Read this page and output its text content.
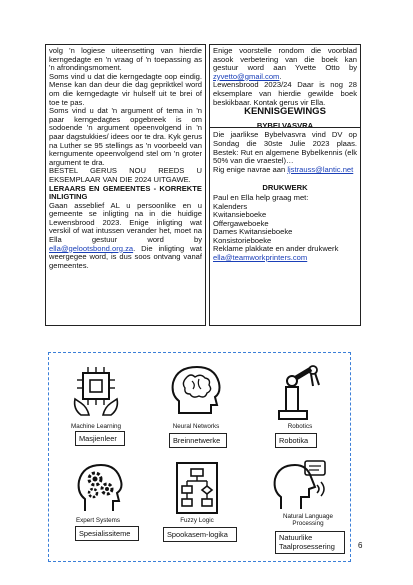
volg 'n logiese uiteensetting van hierdie kerngedagte en 'n vraag of 'n toepassing as 'n afrondingsmoment.

Soms vind u dat die kerngedagte oop eindig. Mense kan dan deur die dag gepriktkel word om die kerngedagte vir hulself uit te brei of toe te pas.

Soms vind u dat 'n argument of tema in 'n paar kerngedagtes opgebreek is om sodoende 'n argument opeenvolgend in 'n paar dagstukkies/ idees oor te dra. Kyk gerus na Luther se 95 stellings as 'n voorbeeld van kerngumente opeenvolgend stel om 'n groter argument te dra.

BESTEL GERUS NOU REEDS U EKSEMPLAAR VAN DIE 2024 UITGAWE.

LERAARS EN GEMEENTES - KORREKTE INLIGTING

Gaan asseblief AL u persoonlike en u gemeente se inligting na in die huidige Lewensbrood 2023. Enige inligting wat verskil of wat intussen verander het, moet na Ella gestuur word by ella@gelootsbond.org.za. Die inligting wat weergegee word, is dus soos ontvang vanaf gemeentes.

Enige voorstelle rondom die voorblad asook verbetering van die boek kan gestuur word aan Yvette Otto by zyvetto@gmail.com.

Lewensbrood 2023/24 Daar is nog 28 eksemplare van hierdie gewilde boek beskikbaar. Kontak gerus vir Ella.

KENNISGEWINGS
BYBELVASVRA

Die jaarlikse Bybelvasvra vind DV op Sondag die 30ste Julie 2023 plaas. Bestek: Rut en algemene Bybelkennis (elk 50% van die vraestel)…

Rig enige navrae aan ljstrauss@lantic.net

DRUKWERK

Paul en Ella help graag met:

Kalenders

Kwitansieboeke

Offergaweboeke

Dames Kwitansieboeke

Konsistorieboeke

Reklame plakkate en ander drukwerk

ella@teamworkprinters.com
Machine Learning
Masjienleer
Neural Networks
Breinnetwerke
Robotics
Robotika
Expert Systems
Spesialissiteme
Fuzzy Logic
Spookasem-logika
Natural Language Processing
Natuurlike Taalprosessering	6
